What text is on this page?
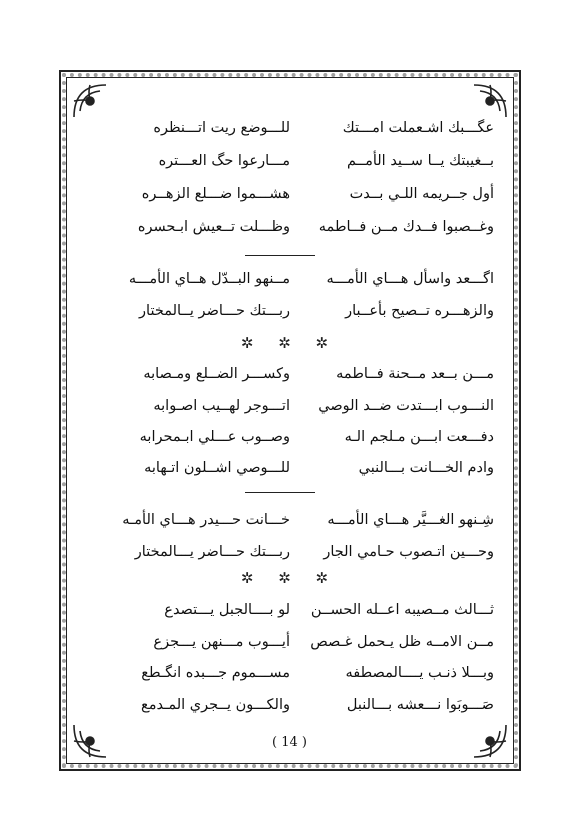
( 14 )
عگـــبك اشـعملت امـــتك
للـــوضع ريت اتـــنظره
بــغيبتك يــا ســيد الأمــم
مـــارعوا حگ العـــتره
أول جــريمه اللـي بــدت
هشـــموا ضـــلع الزهــره
وغــصبوا فــدك مــن فــاطمه
وظـــلت تــعيش ابـحسره
اگـــعد واسأل هـــاي الأمـــه
مــنهو البــدّل هــاي الأمـــه
والزهـــره تــصيح بأعــبار
ربـــتك حـــاضر يــالمختار
مـــن بــعد مــحنة فــاطمه
وكســـر الضــلع ومـصابه
النـــوب ابـــتدت ضــد الوصي
اتـــوجر لهــيب اصـوابه
دفـــعت ابـــن مـلجم الـه
وصــوب عـــلي ابـمحرابه
وادم الخـــانت بـــالنبي
للـــوصي اشــلون اتـهابه
شِـنهو الغـــيَّر هـــاي الأمـــه
خـــانت حـــيدر هـــاي الأمـه
وحـــين اتـصوب حـامي الجار
ربـــتك حـــاضر يـــالمختار
ثـــالث مــصيبه اعــله الحســن
لو بــــالجبل يـــتصدع
مــن الامــه ظل يـحمل غـصص
أيـــوب مـــنهن يـــجزع
وبـــلا ذنـب يــــالمصطفه
مســـموم جـــبده انگـطع
صَـــوبَوا نـــعشه بـــالنبل
والكـــون يــجري المـدمع
✲ ✲ ✲
✲ ✲ ✲
